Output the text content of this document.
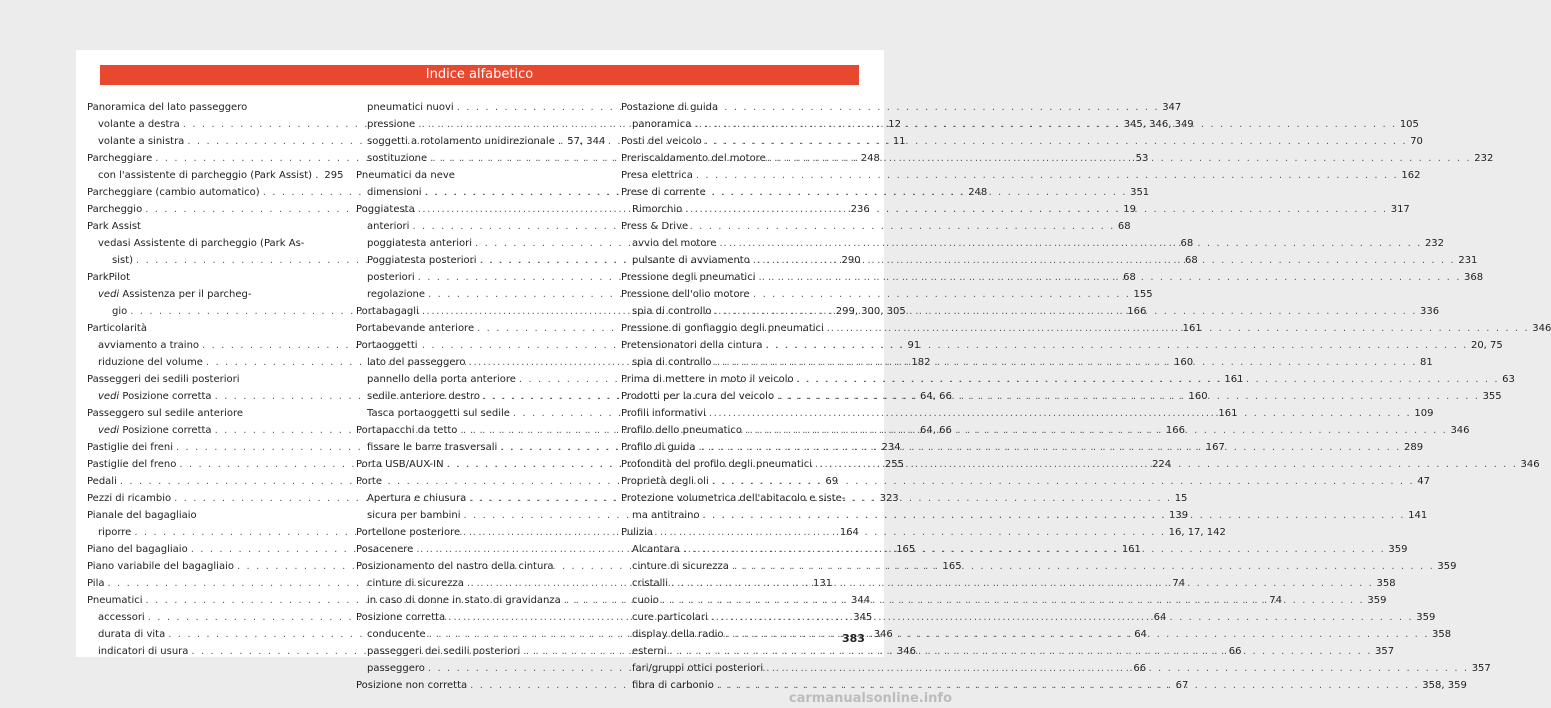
Indice alfabetico
Panoramica del lato passeggero
volante a destra . . .	12
volante a sinistra . . .	11
Parcheggiare . . .	248
con l'assistente di parcheggio (Park Assist) . 295
Parcheggiare (cambio automatico) . . .	248
Parcheggio . . .	236
Park Assist
vedasi Assistente di parcheggio (Park As-
sist) . . .	290
ParkPilot
vedi Assistenza per il parcheg-
gio . . .	299, 300, 305
Particolarità
avviamento a traino . . .	91
riduzione del volume . . .	182
Passeggeri dei sedili posteriori
vedi Posizione corretta . . .	64, 66
Passeggero sul sedile anteriore
vedi Posizione corretta . . .	64, 66
Pastiglie dei freni . . .	234
Pastiglie del freno . . .	255
Pedali . . .	69
Pezzi di ricambio . . .	323
Pianale del bagagliaio
riporre . . .	164
Piano del bagagliaio . . .	165
Piano variabile del bagagliaio . . .	165
Pila . . .	131
Pneumatici . . .	344
accessori . . .	345
durata di vita . . .	346
indicatori di usura . . .	346
pneumatici nuovi . . .	347
pressione . . .	345, 346, 349
soggetti a rotolamento unidirezionale . 57, 344
sostituzione . . .	53
Pneumatici da neve
dimensioni . . .	351
Poggiatesta . . .	19
anteriori . . .	68
poggiatesta anteriori . . .	68
Poggiatesta posteriori . . .	68
posteriori . . .	68
regolazione . . .	155
Portabagagli . . .	166
Portabevande anteriore . . .	161
Portaoggetti
lato del passeggero . . .	160
pannello della porta anteriore . . .	161
sedile anteriore destro . . .	160
Tasca portaoggetti sul sedile . . .	161
Portapacchi da tetto . . .	166
fissare le barre trasversali . . .	167
Porta USB/AUX-IN . . .	224
Porte
Apertura e chiusura . . .	15
sicura per bambini . . .	139
Portellone posteriore . . .	16, 17, 142
Posacenere . . .	161
Posizionamento del nastro della cintura
cinture di sicurezza . . .	74
in caso di donne in stato di gravidanza . . .	74
Posizione corretta . . .	64
conducente . . .	64
passeggeri dei sedili posteriori . . .	66
passeggero . . .	66
Posizione non corretta . . .	67
Postazione di guida
panoramica . . .	105
Posti del veicolo . . .	70
Preriscaldamento del motore . . .	232
Presa elettrica . . .	162
Prese di corrente
Rimorchio . . .	317
Press & Drive
avvio del motore . . .	232
pulsante di avviamento . . .	231
Pressione degli pneumatici . . .	368
Pressione dell'olio motore
spia di controllo . . .	336
Pressione di gonfiaggio degli pneumatici . . .	346
Pretensionatori della cintura . . .	20, 75
spia di controllo . . .	81
Prima di mettere in moto il veicolo . . .	63
Prodotti per la cura del veicolo . . .	355
Profili informativi . . .	109
Profilo dello pneumatico . . .	346
Profilo di guida . . .	289
Profondità del profilo degli pneumatici . . .	346
Proprietà degli oli . . .	47
Protezione volumetrica dell'abitacolo e siste-
ma antitraino . . .	141
Pulizia
Alcantara . . .	359
cinture di sicurezza . . .	359
cristalli . . .	358
cuoio . . .	359
cure particolari . . .	359
display della radio . . .	358
esterni . . .	357
fari/gruppi ottici posteriori . . .	357
fibra di carbonio . . .	358, 359
383
carmanualsonline.info
